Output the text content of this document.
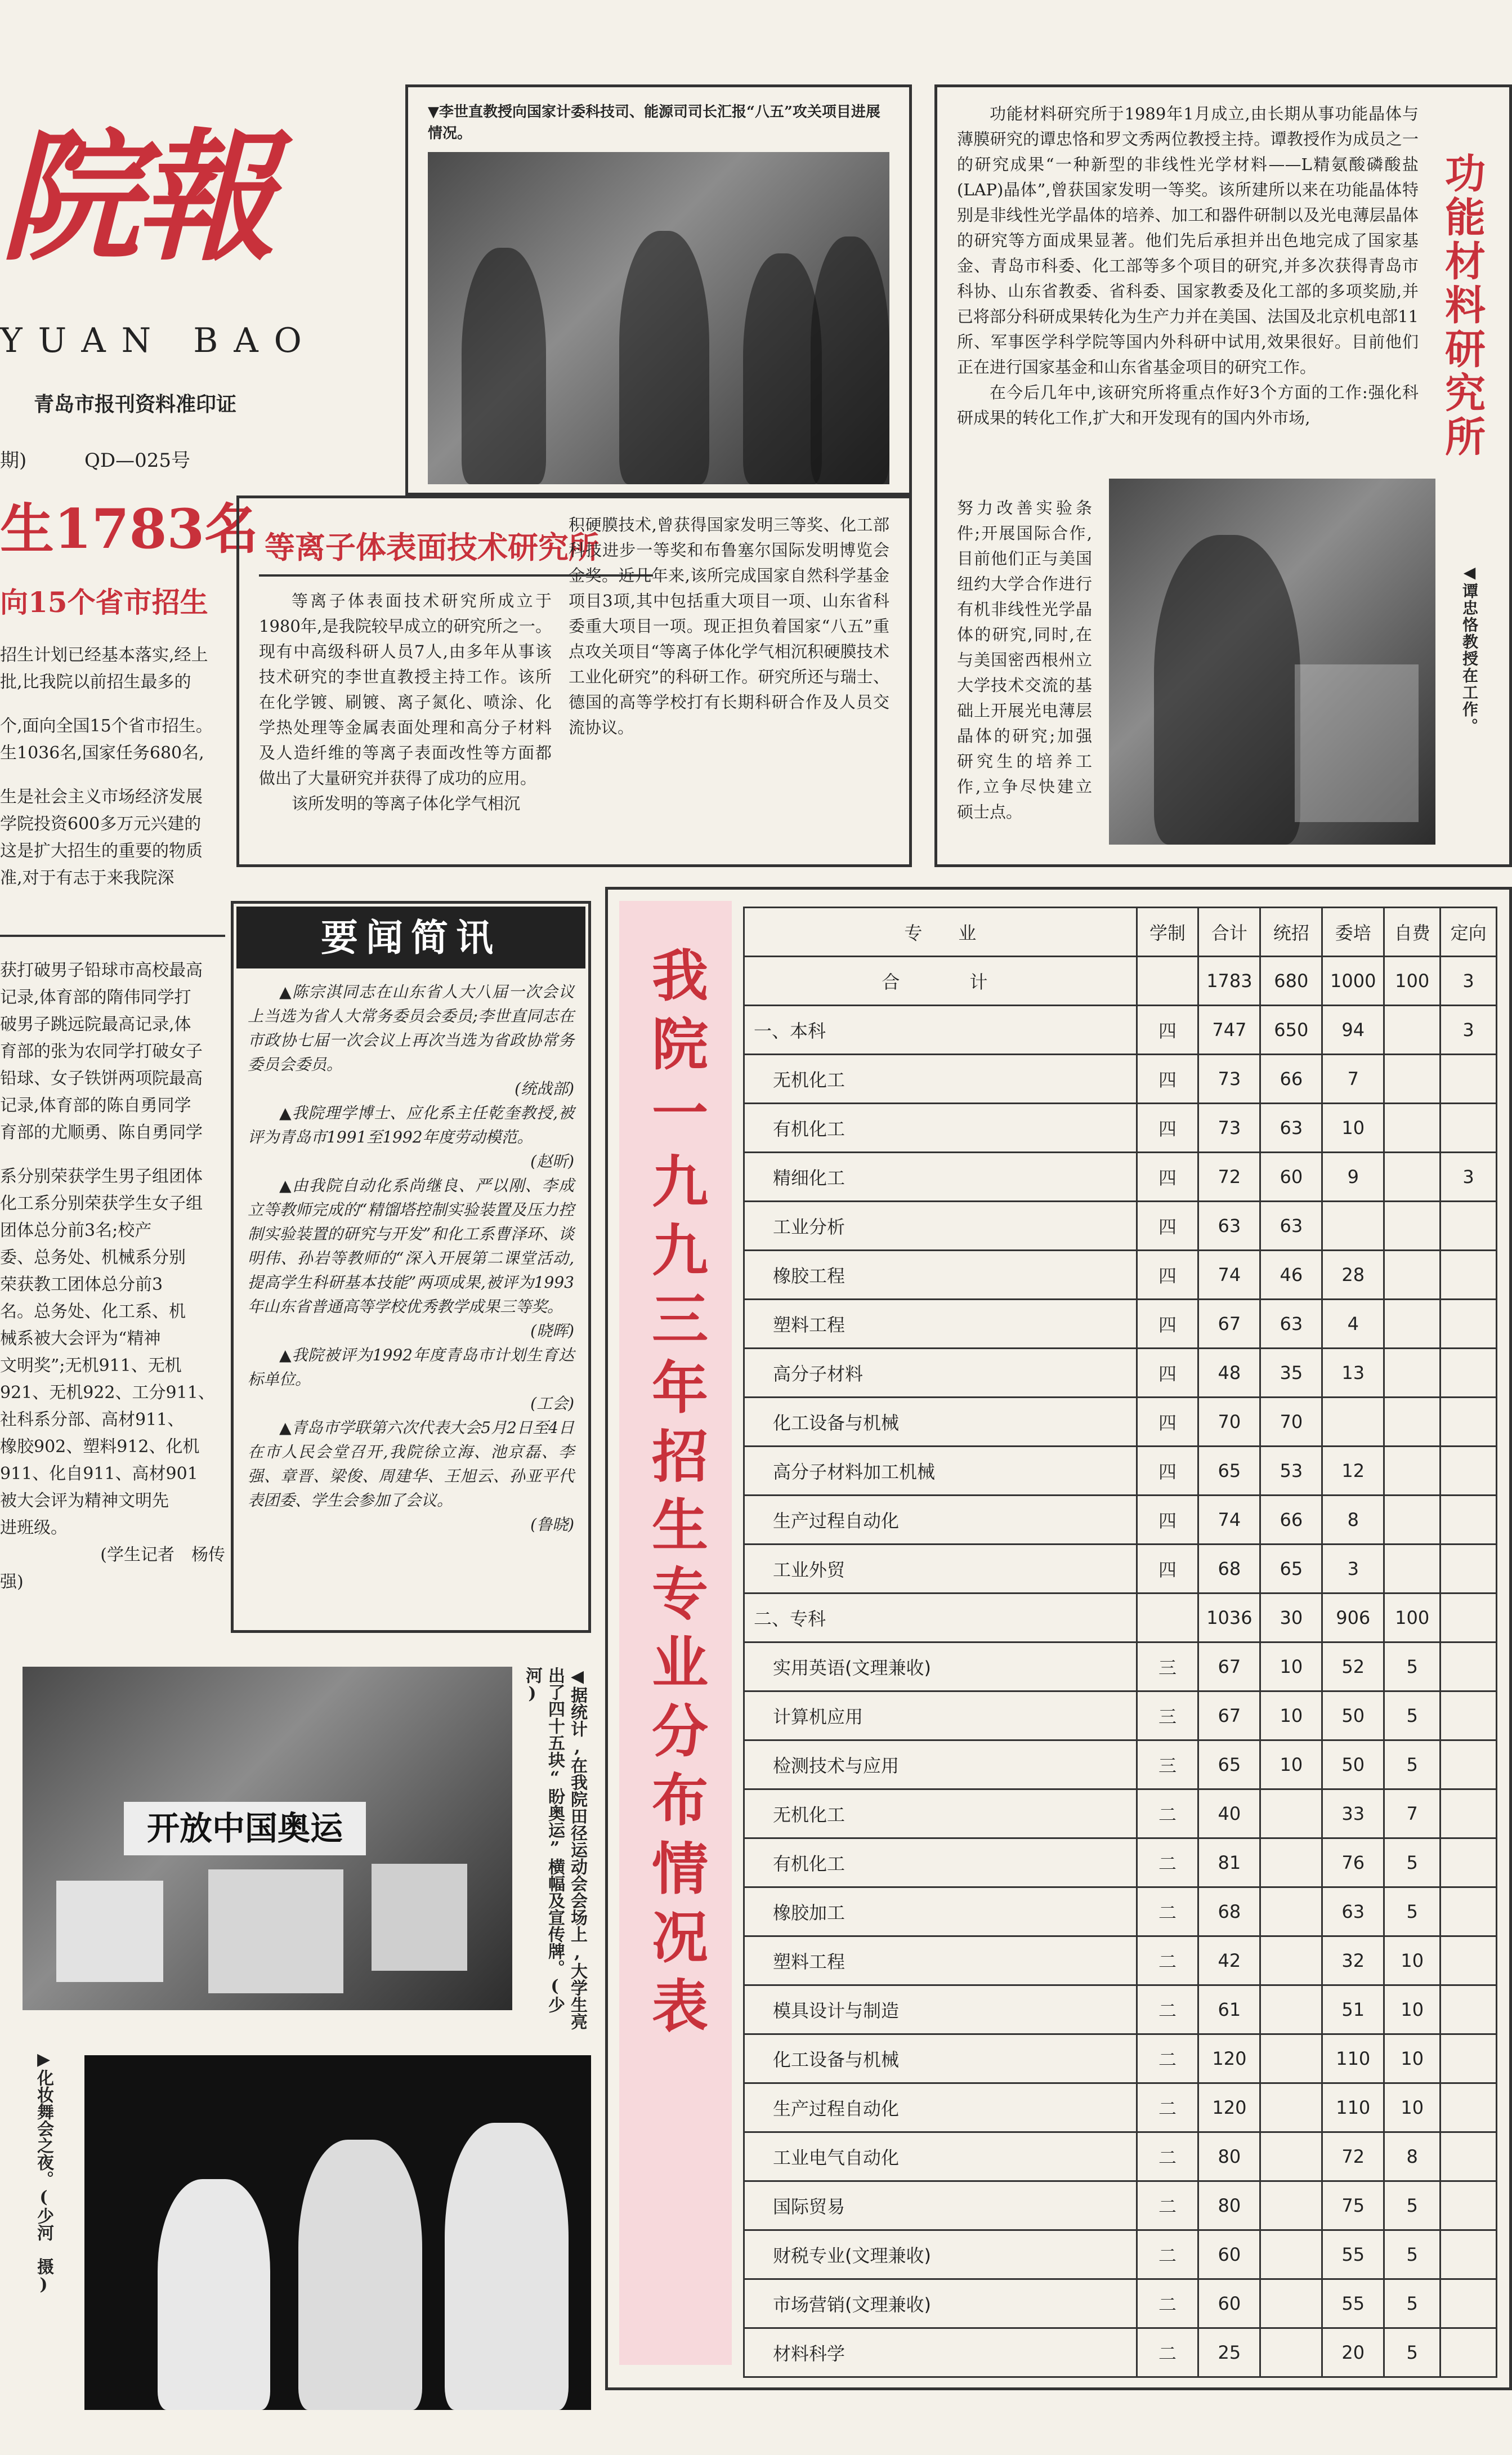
院報
YUAN BAO
青岛市报刊资料准印证
期)	QD—025号
生1783名
向15个省市招生

招生计划已经基本落实,经上

批,比我院以前招生最多的

个,面向全国15个省市招生。

生1036名,国家任务680名,

生是社会主义市场经济发展

学院投资600多万元兴建的

这是扩大招生的重要的物质

准,对于有志于来我院深

获打破男子铅球市高校最高

记录,体育部的隋伟同学打

破男子跳远院最高记录,体

育部的张为农同学打破女子

铅球、女子铁饼两项院最高

记录,体育部的陈自勇同学

育部的尤顺勇、陈自勇同学

系分别荣获学生男子组团体

化工系分别荣获学生女子组

团体总分前3名;校产

委、总务处、机械系分别

荣获教工团体总分前3

名。总务处、化工系、机

械系被大会评为“精神

文明奖”;无机911、无机

921、无机922、工分911、

社科系分部、高材911、

橡胶902、塑料912、化机

911、化自911、高材901

被大会评为精神文明先

进班级。

(学生记者　杨传

强)

▼李世直教授向国家计委科技司、能源司司长汇报“八五”攻关项目进展情况。
等离子体表面技术研究所

等离子体表面技术研究所成立于1980年,是我院较早成立的研究所之一。现有中高级科研人员7人,由多年从事该技术研究的李世直教授主持工作。该所在化学镀、刷镀、离子氮化、喷涂、化学热处理等金属表面处理和高分子材料及人造纤维的等离子表面改性等方面都做出了大量研究并获得了成功的应用。

该所发明的等离子体化学气相沉

积硬膜技术,曾获得国家发明三等奖、化工部科技进步一等奖和布鲁塞尔国际发明博览会金奖。近几年来,该所完成国家自然科学基金项目3项,其中包括重大项目一项、山东省科委重大项目一项。现正担负着国家“八五”重点攻关项目“等离子体化学气相沉积硬膜技术工业化研究”的科研工作。研究所还与瑞士、德国的高等学校打有长期科研合作及人员交流协议。

功能材料研究所

功能材料研究所于1989年1月成立,由长期从事功能晶体与薄膜研究的谭忠恪和罗文秀两位教授主持。谭教授作为成员之一的研究成果“一种新型的非线性光学材料——L精氨酸磷酸盐(LAP)晶体”,曾获国家发明一等奖。该所建所以来在功能晶体特别是非线性光学晶体的培养、加工和器件研制以及光电薄层晶体的研究等方面成果显著。他们先后承担并出色地完成了国家基金、青岛市科委、化工部等多个项目的研究,并多次获得青岛市科协、山东省教委、省科委、国家教委及化工部的多项奖励,并已将部分科研成果转化为生产力并在美国、法国及北京机电部11所、军事医学科学院等国内外科研中试用,效果很好。目前他们正在进行国家基金和山东省基金项目的研究工作。

在今后几年中,该研究所将重点作好3个方面的工作:强化科研成果的转化工作,扩大和开发现有的国内外市场,

努力改善实验条件;开展国际合作,目前他们正与美国纽约大学合作进行有机非线性光学晶体的研究,同时,在与美国密西根州立大学技术交流的基础上开展光电薄层晶体的研究;加强研究生的培养工作,立争尽快建立硕士点。

◀谭忠恪教授在工作。
要闻简讯

▲陈宗淇同志在山东省人大八届一次会议上当选为省人大常务委员会委员;李世直同志在市政协七届一次会议上再次当选为省政协常务委员会委员。

(统战部)

▲我院理学博士、应化系主任乾奎教授,被评为青岛市1991至1992年度劳动模范。

(赵昕)

▲由我院自动化系尚继良、严以刚、李成立等教师完成的“精馏塔控制实验装置及压力控制实验装置的研究与开发”和化工系曹泽环、谈明伟、孙岩等教师的“深入开展第二课堂活动,提高学生科研基本技能”两项成果,被评为1993年山东省普通高等学校优秀教学成果三等奖。

(晓晖)

▲我院被评为1992年度青岛市计划生育达标单位。

(工会)

▲青岛市学联第六次代表大会5月2日至4日在市人民会堂召开,我院徐立海、池京磊、李强、章晋、梁俊、周建华、王旭云、孙亚平代表团委、学生会参加了会议。

(鲁晓)

开放中国奥运	◀据统计,在我院田径运动会会场上,大学生亮出了四十五块“盼奥运”横幅及宣传牌。(少河)
▶化妆舞会之夜。(少河　摄)
我院一九九三年招生专业分布情况表
专　　业	学制	合计	统招	委培	自费	定向
合　　计		1783	680	1000	100	3
一、本科	四	747	650	94		3
无机化工	四	73	66	7		
有机化工	四	73	63	10		
精细化工	四	72	60	9		3
工业分析	四	63	63			
橡胶工程	四	74	46	28		
塑料工程	四	67	63	4		
高分子材料	四	48	35	13		
化工设备与机械	四	70	70			
高分子材料加工机械	四	65	53	12		
生产过程自动化	四	74	66	8		
工业外贸	四	68	65	3		
二、专科		1036	30	906	100	
实用英语(文理兼收)	三	67	10	52	5	
计算机应用	三	67	10	50	5	
检测技术与应用	三	65	10	50	5	
无机化工	二	40		33	7	
有机化工	二	81		76	5	
橡胶加工	二	68		63	5	
塑料工程	二	42		32	10	
模具设计与制造	二	61		51	10	
化工设备与机械	二	120		110	10	
生产过程自动化	二	120		110	10	
工业电气自动化	二	80		72	8	
国际贸易	二	80		75	5	
财税专业(文理兼收)	二	60		55	5	
市场营销(文理兼收)	二	60		55	5	
材料科学	二	25		20	5	
